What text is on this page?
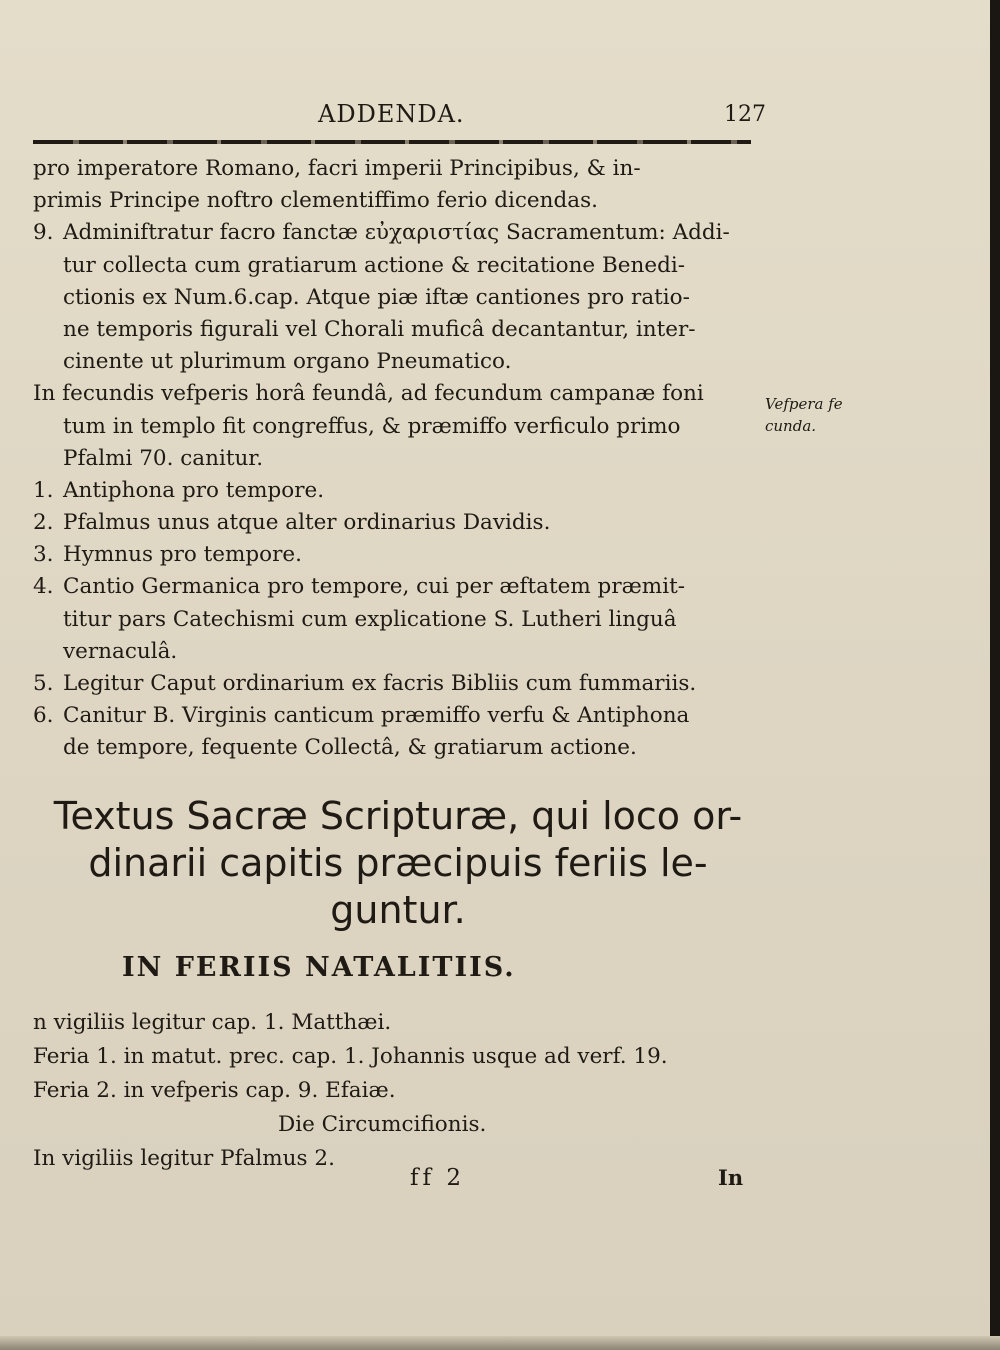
ADDENDA.	127
pro imperatore Romano, facri imperii Principibus, & in-
primis Principe noftro clementiffimo ferio dicendas.
9. Adminiftratur facro fanctæ εὐχαριστίας Sacramentum: Addi-
tur collecta cum gratiarum actione & recitatione Benedi-
ctionis ex Num.6.cap. Atque piæ iftæ cantiones pro ratio-
ne temporis figurali vel Chorali muficâ decantantur, inter-
cinente ut plurimum organo Pneumatico.
In fecundis vefperis horâ feundâ, ad fecundum campanæ foni
tum in templo fit congreffus, & præmiffo verficulo primo
Pfalmi 70. canitur.
1. Antiphona pro tempore.
2. Pfalmus unus atque alter ordinarius Davidis.
3. Hymnus pro tempore.
4. Cantio Germanica pro tempore, cui per æftatem præmit-
titur pars Catechismi cum explicatione S. Lutheri linguâ
vernaculâ.
5. Legitur Caput ordinarium ex facris Bibliis cum fummariis.
6. Canitur B. Virginis canticum præmiffo verfu & Antiphona
de tempore, fequente Collectâ, & gratiarum actione.
Vefpera fe cunda.
Textus Sacræ Scripturæ, qui loco or-
dinarii capitis præcipuis feriis le-
guntur.
IN FERIIS NATALITIIS.
n vigiliis legitur cap. 1. Matthæi.
Feria 1. in matut. prec. cap. 1. Johannis usque ad verf. 19.
Feria 2. in vefperis cap. 9. Efaiæ.
Die Circumcifionis.
In vigiliis legitur Pfalmus 2.
ff 2	In
